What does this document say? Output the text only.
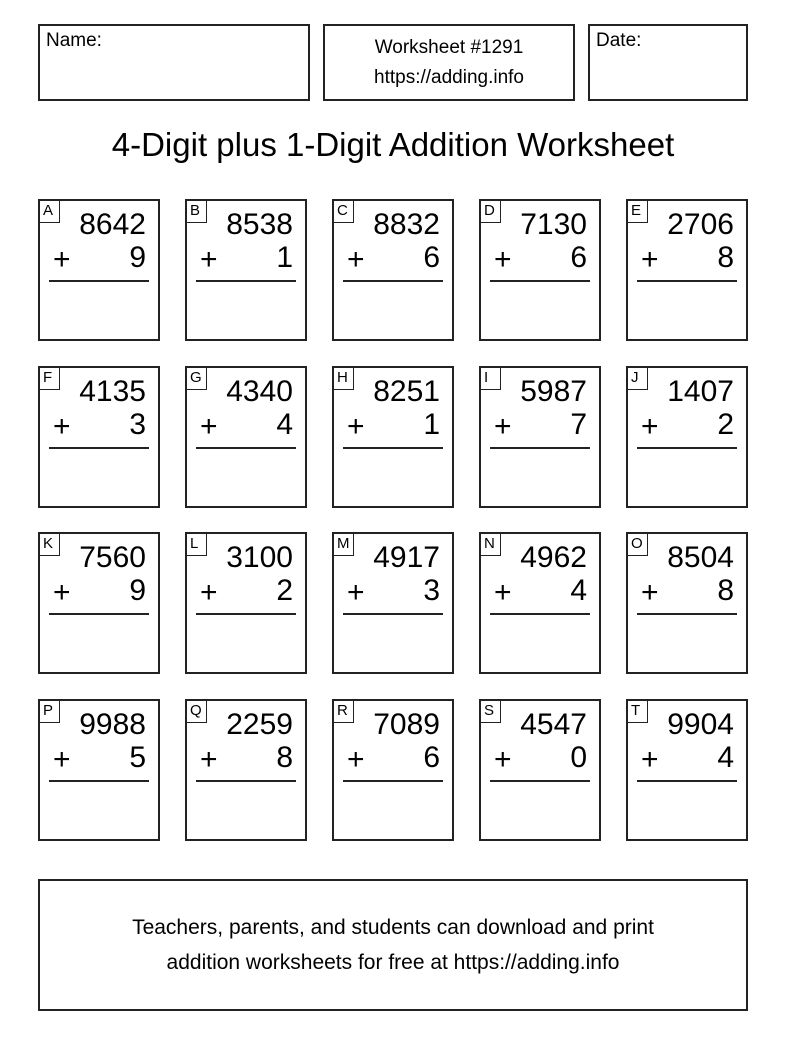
Name:	Worksheet #1291
https://adding.info
Date:
4-Digit plus 1-Digit Addition Worksheet
A 8642
+ 9
B 8538
+ 1
C 8832
+ 6
D 7130
+ 6
E 2706
+ 8
F 4135
+ 3
G 4340
+ 4
H 8251
+ 1
I	5987
+ 7
J 1407
+ 2
K 7560
+ 9
L 3100
+ 2
M 4917
+ 3
N 4962
+ 4
O 8504
+ 8
P 9988
+ 5
Q 2259
+ 8
R 7089
+ 6
S 4547
+ 0
T 9904
+ 4
Teachers, parents, and students can download and print
addition worksheets for free at https://adding.info
